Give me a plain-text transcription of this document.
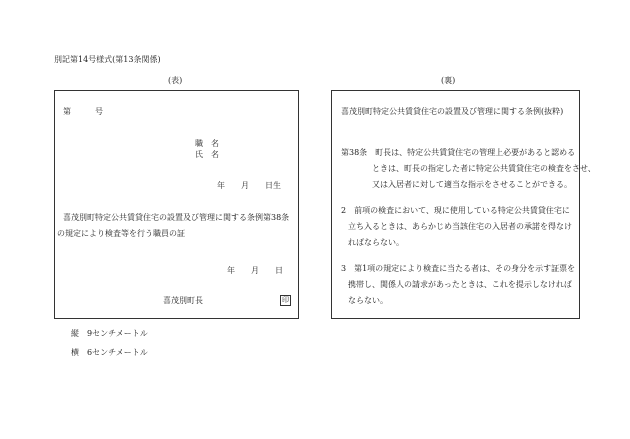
別記第14号様式(第13条関係)
(表)	(裏)
第　　　号
職　名
氏　名
年　　月　　日生
喜茂別町特定公共賃貸住宅の設置及び管理に関する条例第38条
の規定により検査等を行う職員の証
年　　月　　日
喜茂別町長	印
喜茂別町特定公共賃貸住宅の設置及び管理に関する条例(抜粋)
第38条　町長は、特定公共賃貸住宅の管理上必要があると認める
ときは、町長の指定した者に特定公共賃貸住宅の検査をさせ、
又は入居者に対して適当な指示をさせることができる。
2　前項の検査において、現に使用している特定公共賃貸住宅に
立ち入るときは、あらかじめ当該住宅の入居者の承諾を得なけ
ればならない。
3　第1項の規定により検査に当たる者は、その身分を示す証票を
携帯し、関係人の請求があったときは、これを提示しなければ
ならない。
縦　9センチメートル
横　6センチメートル
